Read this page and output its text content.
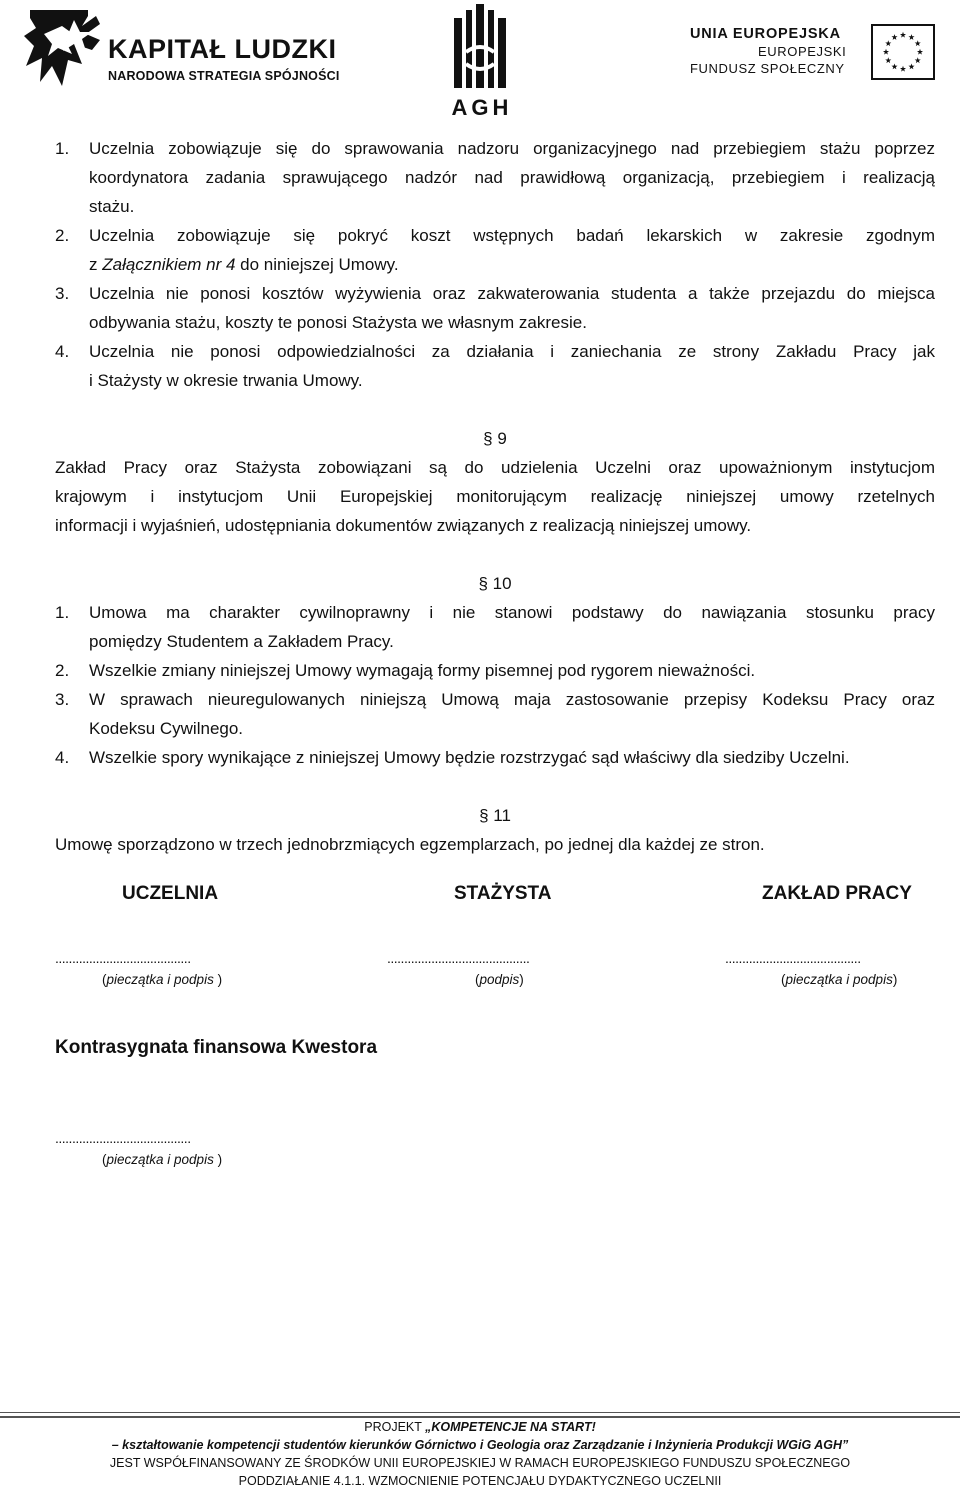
KAPITAŁ LUDZKI
NARODOWA STRATEGIA SPÓJNOŚCI
AGH
UNIA EUROPEJSKA
EUROPEJSKI
FUNDUSZ SPOŁECZNY
1. Uczelnia zobowiązuje się do sprawowania nadzoru organizacyjnego nad przebiegiem stażu poprzez
koordynatora zadania sprawującego nadzór nad prawidłową organizacją, przebiegiem i realizacją
stażu.
2. Uczelnia zobowiązuje się pokryć koszt wstępnych badań lekarskich w zakresie zgodnym
z Załącznikiem nr 4 do niniejszej Umowy.
3. Uczelnia nie ponosi kosztów wyżywienia oraz zakwaterowania studenta a także przejazdu do miejsca
odbywania stażu, koszty te ponosi Stażysta we własnym zakresie.
4. Uczelnia nie ponosi odpowiedzialności za działania i zaniechania ze strony Zakładu Pracy jak
i Stażysty w okresie trwania Umowy.
§ 9
Zakład Pracy oraz Stażysta zobowiązani są do udzielenia Uczelni oraz upoważnionym instytucjom
krajowym i instytucjom Unii Europejskiej monitorującym realizację niniejszej umowy rzetelnych
informacji i wyjaśnień, udostępniania dokumentów związanych z realizacją niniejszej umowy.
§ 10
1. Umowa ma charakter cywilnoprawny i nie stanowi podstawy do nawiązania stosunku pracy
pomiędzy Studentem a Zakładem Pracy.
2. Wszelkie zmiany niniejszej Umowy wymagają formy pisemnej pod rygorem nieważności.
3. W sprawach nieuregulowanych niniejszą Umową maja zastosowanie przepisy Kodeksu Pracy oraz
Kodeksu Cywilnego.
4. Wszelkie spory wynikające z niniejszej Umowy będzie rozstrzygać sąd właściwy dla siedziby Uczelni.
§ 11
Umowę sporządzono w trzech jednobrzmiących egzemplarzach, po jednej dla każdej ze stron.
UCZELNIA	STAŻYSTA	ZAKŁAD PRACY
........................................	..........................................	........................................
(pieczątka i podpis )	(podpis)	(pieczątka i podpis)
Kontrasygnata finansowa Kwestora
........................................
(pieczątka i podpis )
PROJEKT „KOMPETENCJE NA START!
– kształtowanie kompetencji studentów kierunków Górnictwo i Geologia oraz Zarządzanie i Inżynieria Produkcji WGiG AGH”
JEST WSPÓŁFINANSOWANY ZE ŚRODKÓW UNII EUROPEJSKIEJ W RAMACH EUROPEJSKIEGO FUNDUSZU SPOŁECZNEGO
PODDZIAŁANIE 4.1.1. WZMOCNIENIE POTENCJAŁU DYDAKTYCZNEGO UCZELNII
